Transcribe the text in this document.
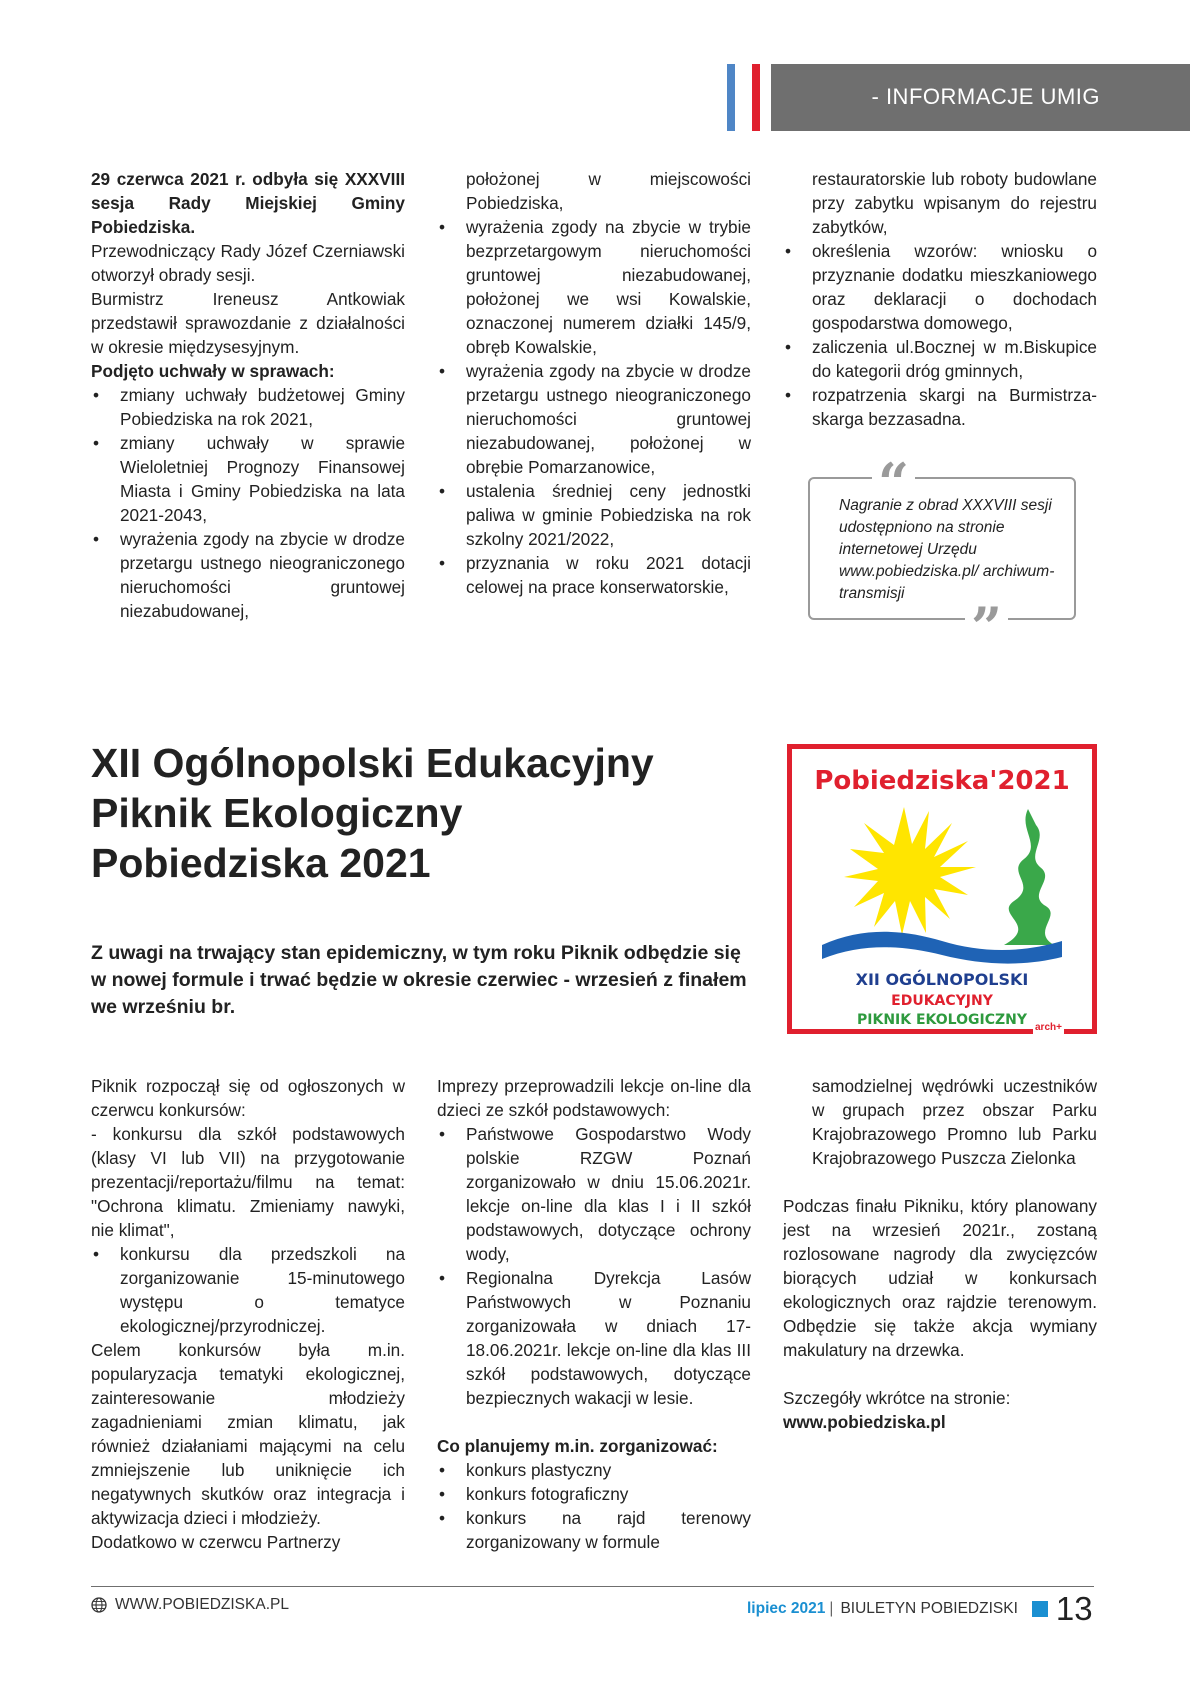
- INFORMACJE UMIG

29 czerwca 2021 r. odbyła się XXXVIII sesja Rady Miejskiej Gminy Pobiedziska.

Przewodniczący Rady Józef Czerniawski otworzył obrady sesji.

Burmistrz Ireneusz Antkowiak przedstawił sprawozdanie z działalności w okresie międzysesyjnym.

Podjęto uchwały w sprawach:

• zmiany uchwały budżetowej Gminy Pobiedziska na rok 2021,
• zmiany uchwały w sprawie Wieloletniej Prognozy Finansowej Miasta i Gminy Pobiedziska na lata 2021-2043,
• wyrażenia zgody na zbycie w drodze przetargu ustnego nieograniczonego nieruchomości gruntowej niezabudowanej,

położonej w miejscowości Pobiedziska,

• wyrażenia zgody na zbycie w trybie bezprzetargowym nieruchomości gruntowej niezabudowanej, położonej we wsi Kowalskie, oznaczonej numerem działki 145/9, obręb Kowalskie,
• wyrażenia zgody na zbycie w drodze przetargu ustnego nieograniczonego nieruchomości gruntowej niezabudowanej, położonej w obrębie Pomarzanowice,
• ustalenia średniej ceny jednostki paliwa w gminie Pobiedziska na rok szkolny 2021/2022,
• przyznania w roku 2021 dotacji celowej na prace konserwatorskie,

restauratorskie lub roboty budowlane przy zabytku wpisanym do rejestru zabytków,

• określenia wzorów: wniosku o przyznanie dodatku mieszkaniowego oraz deklaracji o dochodach gospodarstwa domowego,
• zaliczenia ul.Bocznej w m.Biskupice do kategorii dróg gminnych,
• rozpatrzenia skargi na Burmistrza- skarga bezzasadna.
“
”

Nagranie z obrad XXXVIII sesji udostępniono na stronie internetowej Urzędu www.pobiedziska.pl/ archiwum-transmisji

XII Ogólnopolski Edukacyjny
Piknik Ekologiczny
Pobiedziska 2021

Z uwagi na trwający stan epidemiczny, w tym roku Piknik odbędzie się w nowej formule i trwać będzie w okresie czerwiec - wrzesień z finałem we wrześniu br.

Pobiedziska'2021
XII OGÓLNOPOLSKI
EDUKACYJNY
PIKNIK EKOLOGICZNY arch+

Piknik rozpoczął się od ogłoszonych w czerwcu konkursów:

- konkursu dla szkół podstawowych (klasy VI lub VII) na przygotowanie prezentacji/reportażu/filmu na temat: "Ochrona klimatu. Zmieniamy nawyki, nie klimat",

• konkursu dla przedszkoli na zorganizowanie 15-minutowego występu o tematyce ekologicznej/przyrodniczej.

Celem konkursów była m.in. popularyzacja tematyki ekologicznej, zainteresowanie młodzieży zagadnieniami zmian klimatu, jak również działaniami mającymi na celu zmniejszenie lub uniknięcie ich negatywnych skutków oraz integracja i aktywizacja dzieci i młodzieży.

Dodatkowo w czerwcu Partnerzy

Imprezy przeprowadzili lekcje on-line dla dzieci ze szkół podstawowych:

• Państwowe Gospodarstwo Wody polskie RZGW Poznań zorganizowało w dniu 15.06.2021r. lekcje on-line dla klas I i II szkół podstawowych, dotyczące ochrony wody,
• Regionalna Dyrekcja Lasów Państwowych w Poznaniu zorganizowała w dniach 17-18.06.2021r. lekcje on-line dla klas III szkół podstawowych, dotyczące bezpiecznych wakacji w lesie.

Co planujemy m.in. zorganizować:

• konkurs plastyczny
• konkurs fotograficzny
• konkurs na rajd terenowy zorganizowany w formule

samodzielnej wędrówki uczestników w grupach przez obszar Parku Krajobrazowego Promno lub Parku Krajobrazowego Puszcza Zielonka

Podczas finału Pikniku, który planowany jest na wrzesień 2021r., zostaną rozlosowane nagrody dla zwycięzców biorących udział w konkursach ekologicznych oraz rajdzie terenowym. Odbędzie się także akcja wymiany makulatury na drzewka.

Szczegóły wkrótce na stronie:

www.pobiedziska.pl

WWW.POBIEDZISKA.PL	lipiec 2021 | BIULETYN POBIEDZISKI 13
